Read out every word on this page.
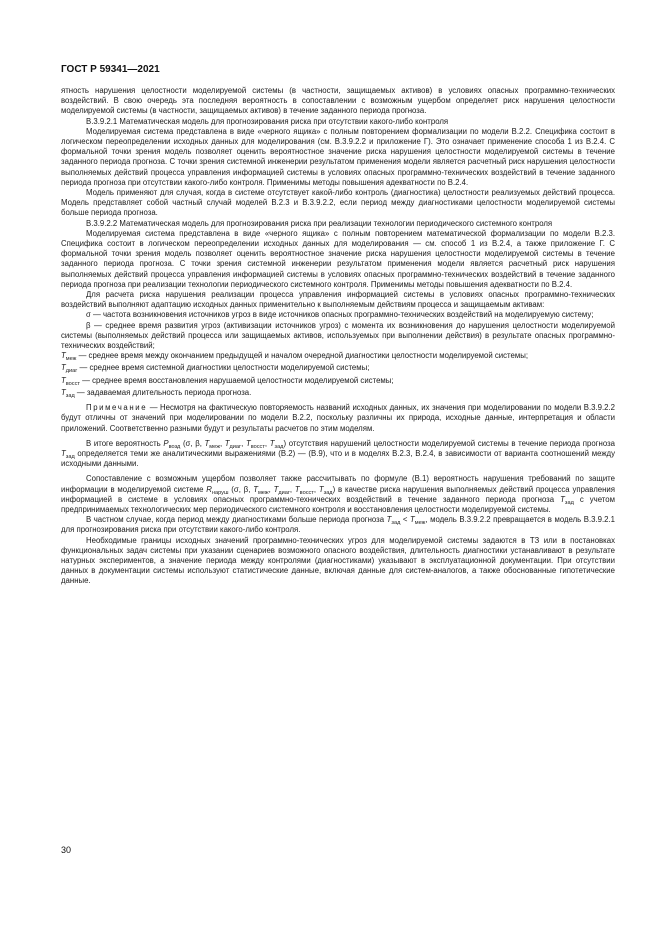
ГОСТ Р 59341—2021

ятность нарушения целостности моделируемой системы (в частности, защищаемых активов) в условиях опасных программно-технических воздействий. В свою очередь эта последняя вероятность в сопоставлении с возможным ущербом определяет риск нарушения целостности моделируемой системы (в частности, защищаемых активов) в течение заданного периода прогноза.

В.3.9.2.1 Математическая модель для прогнозирования риска при отсутствии какого-либо контроля

Моделируемая система представлена в виде «черного ящика» с полным повторением формализации по модели В.2.2. Специфика состоит в логическом переопределении исходных данных для моделирования (см. В.3.9.2.2 и приложение Г). Это означает применение способа 1 из В.2.4. С формальной точки зрения модель позволяет оценить вероятностное значение риска нарушения целостности моделируемой системы в течение заданного периода прогноза. С точки зрения системной инженерии результатом применения модели является расчетный риск нарушения целостности выполняемых действий процесса управления информацией системы в условиях опасных программно-технических воздействий в течение заданного периода прогноза при отсутствии какого-либо контроля. Применимы методы повышения адекватности по В.2.4.

Модель применяют для случая, когда в системе отсутствует какой-либо контроль (диагностика) целостности реализуемых действий процесса. Модель представляет собой частный случай моделей В.2.3 и В.3.9.2.2, если период между диагностиками целостности моделируемой системы больше периода прогноза.

В.3.9.2.2 Математическая модель для прогнозирования риска при реализации технологии периодического системного контроля

Моделируемая система представлена в виде «черного ящика» с полным повторением математической формализации по модели В.2.3. Специфика состоит в логическом переопределении исходных данных для моделирования — см. способ 1 из В.2.4, а также приложение Г. С формальной точки зрения модель позволяет оценить вероятностное значение риска нарушения целостности моделируемой системы в течение заданного периода прогноза. С точки зрения системной инженерии результатом применения модели является расчетный риск нарушения выполняемых действий процесса управления информацией системы в условиях опасных программно-технических воздействий в течение заданного периода прогноза при реализации технологии периодического системного контроля. Применимы методы повышения адекватности по В.2.4.

Для расчета риска нарушения реализации процесса управления информацией системы в условиях опасных программно-технических воздействий выполняют адаптацию исходных данных применительно к выполняемым действиям процесса и защищаемым активам:

σ — частота возникновения источников угроз в виде источников опасных программно-технических воздействий на моделируемую систему;

β — среднее время развития угроз (активизации источников угроз) с момента их возникновения до нарушения целостности моделируемой системы (выполняемых действий процесса или защищаемых активов, используемых при выполнении действия) в результате опасных программно-технических воздействий;

$T_{меж}$ — среднее время между окончанием предыдущей и началом очередной диагностики целостности моделируемой системы;

$T_{диаг}$ — среднее время системной диагностики целостности моделируемой системы;

$T_{восст}$ — среднее время восстановления нарушаемой целостности моделируемой системы;

$T_{зад}$ — задаваемая длительность периода прогноза.

Примечание — Несмотря на фактическую повторяемость названий исходных данных, их значения при моделировании по модели В.3.9.2.2 будут отличны от значений при моделировании по модели В.2.2, поскольку различны их природа, исходные данные, интерпретация и области приложений. Соответственно разными будут и результаты расчетов по этим моделям.

В итоге вероятность $P_{возд}$ (σ, β, $T_{меж}$, $T_{диаг}$, $T_{восст}$, $T_{зад}$) отсутствия нарушений целостности моделируемой системы в течение периода прогноза $T_{зад}$ определяется теми же аналитическими выражениями (В.2) — (В.9), что и в моделях В.2.3, В.2.4, в зависимости от варианта соотношений между исходными данными.

Сопоставление с возможным ущербом позволяет также рассчитывать по формуле (В.1) вероятность нарушения требований по защите информации в моделируемой системе $R_{наруш}$ (σ, β, $T_{меж}$, $T_{диаг}$, $T_{восст}$, $T_{зад}$) в качестве риска нарушения выполняемых действий процесса управления информацией в системе в условиях опасных программно-технических воздействий в течение заданного периода прогноза $T_{зад}$ с учетом предпринимаемых технологических мер периодического системного контроля и восстановления целостности моделируемой системы.

В частном случае, когда период между диагностиками больше периода прогноза $T_{зад} < T_{меж}$, модель В.3.9.2.2 превращается в модель В.3.9.2.1 для прогнозирования риска при отсутствии какого-либо контроля.

Необходимые границы исходных значений программно-технических угроз для моделируемой системы задаются в ТЗ или в постановках функциональных задач системы при указании сценариев возможного опасного воздействия, длительность диагностики устанавливают в результате натурных экспериментов, а значение периода между контролями (диагностиками) указывают в эксплуатационной документации. При отсутствии данных в документации системы используют статистические данные, включая данные для систем-аналогов, а также обоснованные гипотетические данные.

30
